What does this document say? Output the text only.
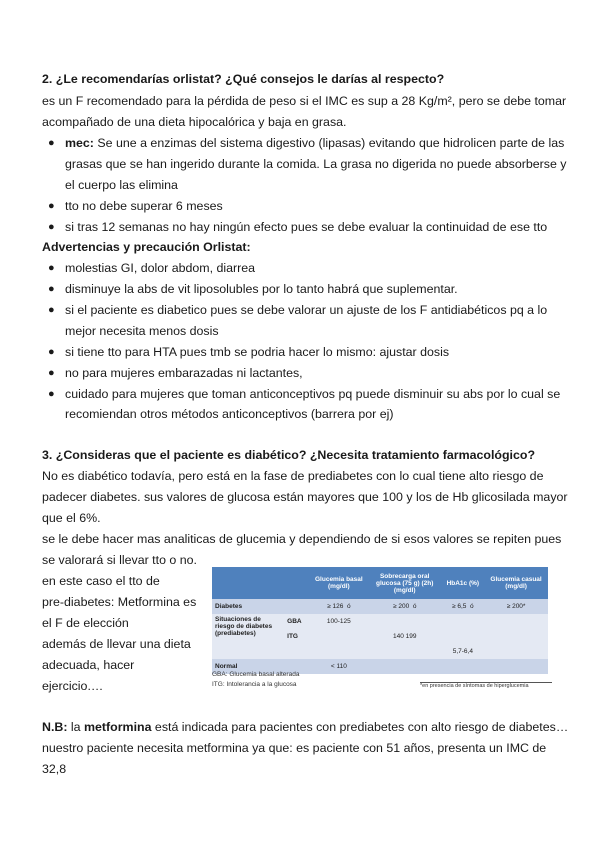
2. ¿Le recomendarías orlistat? ¿Qué consejos le darías al respecto?
es un F recomendado para la pérdida de peso si el IMC es sup a 28 Kg/m², pero se debe tomar
acompañado de una dieta hipocalórica y baja en grasa.
● mec: Se une a enzimas del sistema digestivo (lipasas) evitando que hidrolicen parte de las
grasas que se han ingerido durante la comida. La grasa no digerida no puede absorberse y
el cuerpo las elimina
● tto no debe superar 6 meses
● si tras 12 semanas no hay ningún efecto pues se debe evaluar la continuidad de ese tto
Advertencias y precaución Orlistat:
● molestias GI, dolor abdom, diarrea
● disminuye la abs de vit liposolubles por lo tanto habrá que suplementar.
● si el paciente es diabetico pues se debe valorar un ajuste de los F antidiabéticos pq a lo
mejor necesita menos dosis
● si tiene tto para HTA pues tmb se podria hacer lo mismo: ajustar dosis
● no para mujeres embarazadas ni lactantes,
● cuidado para mujeres que toman anticonceptivos pq puede disminuir su abs por lo cual se
recomiendan otros métodos anticonceptivos (barrera por ej)
3. ¿Consideras que el paciente es diabético? ¿Necesita tratamiento farmacológico?
No es diabético todavía, pero está en la fase de prediabetes con lo cual tiene alto riesgo de
padecer diabetes. sus valores de glucosa están mayores que 100 y los de Hb glicosilada mayor
que el 6%.
se le debe hacer mas analiticas de glucemia y dependiendo de si esos valores se repiten pues
se valorará si llevar tto o no.
en este caso el tto de
pre-diabetes: Metformina es
el F de elección
además de llevar una dieta
adecuada, hacer
ejercicio.…
		Glucemia basal (mg/dl)	Sobrecarga oral glucosa (75 g) (2h) (mg/dl)	HbA1c (%)	Glucemia casual (mg/dl)
Diabetes		≥ 126 ó	≥ 200 ó	≥ 6,5 ó	≥ 200*
Situaciones de riesgo de diabetes (prediabetes)	GBA	100-125			
	ITG		140 199		
				5,7-6,4	
Normal		< 110			
GBA: Glucemia basal alterada
ITG: Intolerancia a la glucosa	*en presencia de síntomas de hiperglucemia
N.B: la metformina está indicada para pacientes con prediabetes con alto riesgo de diabetes…
nuestro paciente necesita metformina ya que: es paciente con 51 años, presenta un IMC de
32,8
